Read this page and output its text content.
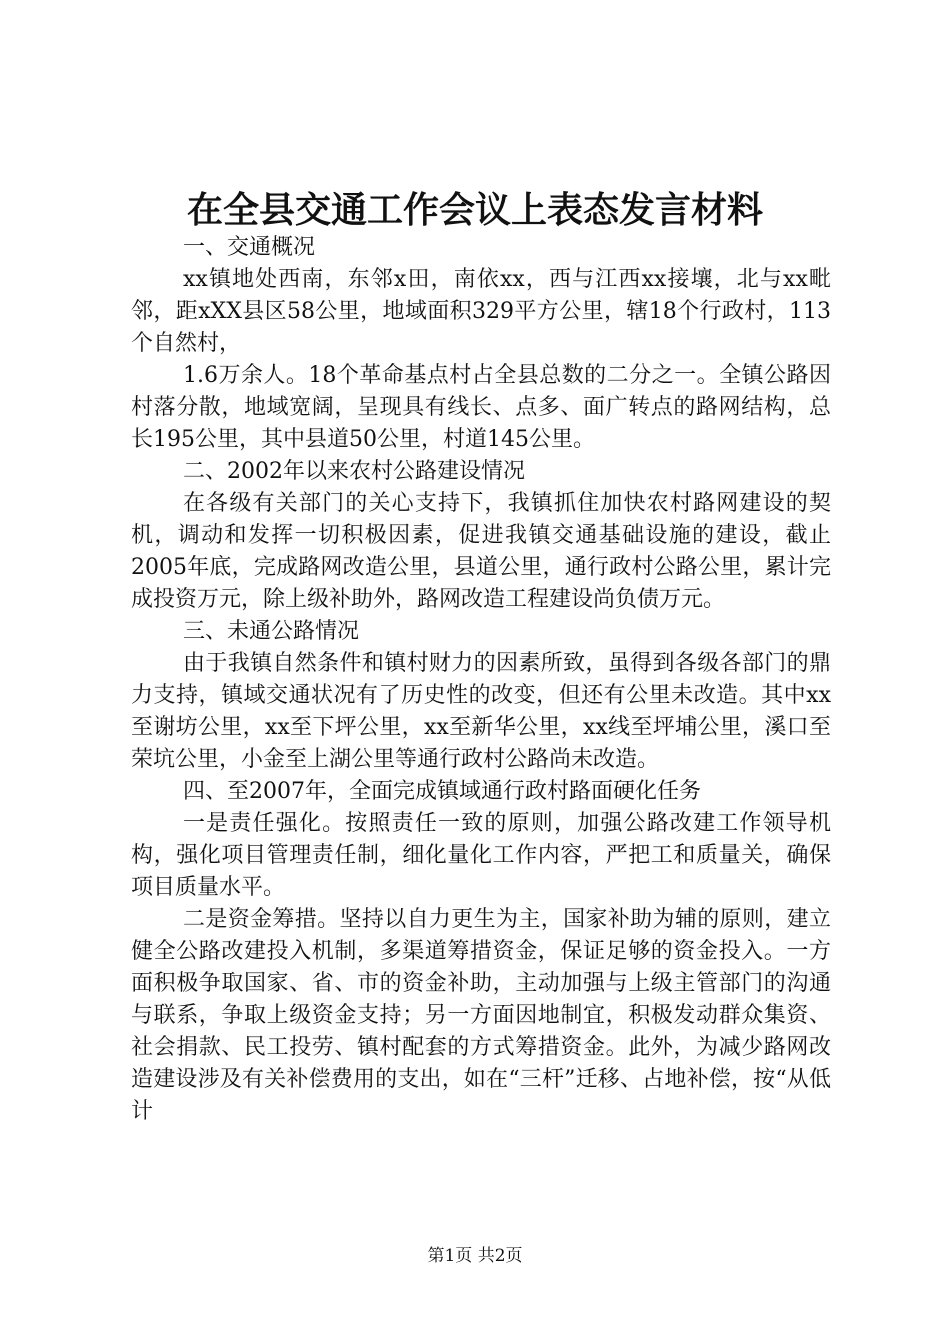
在全县交通工作会议上表态发言材料

一、交通概况

xx镇地处西南，东邻x田，南依xx，西与江西xx接壤，北与xx毗邻，距xXX县区58公里，地域面积329平方公里，辖18个行政村，113个自然村，

1.6万余人。18个革命基点村占全县总数的二分之一。全镇公路因村落分散，地域宽阔，呈现具有线长、点多、面广转点的路网结构，总长195公里，其中县道50公里，村道145公里。

二、2002年以来农村公路建设情况

在各级有关部门的关心支持下，我镇抓住加快农村路网建设的契机，调动和发挥一切积极因素，促进我镇交通基础设施的建设，截止2005年底，完成路网改造公里，县道公里，通行政村公路公里，累计完成投资万元，除上级补助外，路网改造工程建设尚负债万元。

三、未通公路情况

由于我镇自然条件和镇村财力的因素所致，虽得到各级各部门的鼎力支持，镇域交通状况有了历史性的改变，但还有公里未改造。其中xx至谢坊公里，xx至下坪公里，xx至新华公里，xx线至坪埔公里，溪口至荣坑公里，小金至上湖公里等通行政村公路尚未改造。

四、至2007年，全面完成镇域通行政村路面硬化任务

一是责任强化。按照责任一致的原则，加强公路改建工作领导机构，强化项目管理责任制，细化量化工作内容，严把工和质量关，确保项目质量水平。

二是资金筹措。坚持以自力更生为主，国家补助为辅的原则，建立健全公路改建投入机制，多渠道筹措资金，保证足够的资金投入。一方面积极争取国家、省、市的资金补助，主动加强与上级主管部门的沟通与联系，争取上级资金支持；另一方面因地制宜，积极发动群众集资、社会捐款、民工投劳、镇村配套的方式筹措资金。此外，为减少路网改造建设涉及有关补偿费用的支出，如在“三杆”迁移、占地补偿，按“从低计

第1页 共2页
